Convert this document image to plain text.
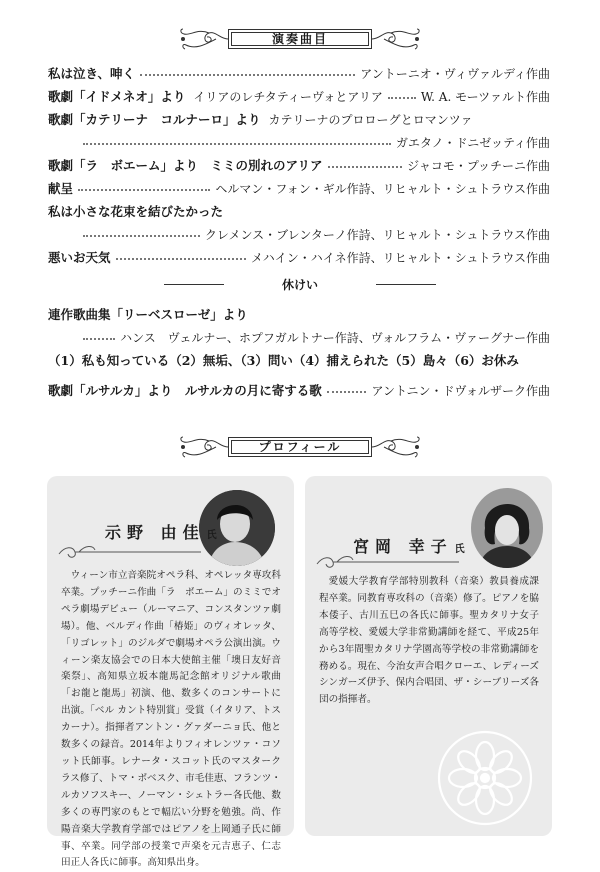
演奏曲目
私は泣き、呻く	アントーニオ・ヴィヴァルディ作曲
歌劇「イドメネオ」より イリアのレチタティーヴォとアリア	W. A. モーツァルト作曲
歌劇「カテリーナ　コルナーロ」より カテリーナのプロローグとロマンツァ
ガエタノ・ドニゼッティ作曲
歌劇「ラ　ボエーム」より　ミミの別れのアリア	ジャコモ・プッチーニ作曲
献呈	ヘルマン・フォン・ギル作詩、リヒャルト・シュトラウス作曲
私は小さな花束を結びたかった
クレメンス・ブレンターノ作詩、リヒャルト・シュトラウス作曲
悪いお天気	メハイン・ハイネ作詩、リヒャルト・シュトラウス作曲
休けい
連作歌曲集「リーベスローゼ」より
ハンス　ヴェルナー、ホプフガルトナー作詩、ヴォルフラム・ヴァーグナー作曲
（1）私も知っている（2）無垢、（3）問い（4）捕えられた（5）島々（6）お休み
歌劇「ルサルカ」より　ルサルカの月に寄する歌	アントニン・ドヴォルザーク作曲
プロフィール
示野 由佳 氏

ウィーン市立音楽院オペラ科、オペレッタ専攻科卒業。プッチーニ作曲「ラ　ボエーム」のミミでオペラ劇場デビュー（ルーマニア、コンスタンツァ劇場）。他、ベルディ作曲「椿姫」のヴィオレッタ、「リゴレット」のジルダで劇場オペラ公演出演。ウィーン楽友協会での日本大使館主催「墺日友好音楽祭」、高知県立坂本龍馬記念館オリジナル歌曲「お龍と龍馬」初演、他、数多くのコンサートに出演。「ベル カント特別賞」受賞（イタリア、トスカーナ）。指揮者アントン・グァダーニョ氏、他と数多くの録音。2014年よりフィオレンツァ・コソット氏師事。レナータ・スコット氏のマスタークラス修了、トマ・ボベスク、市毛佳恵、フランツ・ルカソフスキー、ノーマン・シェトラー各氏他、数多くの専門家のもとで幅広い分野を勉強。尚、作陽音楽大学教育学部ではピアノを上岡通子氏に師事、卒業。同学部の授業で声楽を元吉恵子、仁志田正人各氏に師事。高知県出身。

宮岡 幸子 氏

愛媛大学教育学部特別教科（音楽）教員養成課程卒業。同教育専攻科の（音楽）修了。ピアノを脇本倭子、古川五巳の各氏に師事。聖カタリナ女子高等学校、愛媛大学非常勤講師を経て、平成25年から3年間聖カタリナ学園高等学校の非常勤講師を務める。現在、今治女声合唱クローエ、レディーズシンガーズ伊予、保内合唱団、ザ・シーブリーズ各団の指揮者。
